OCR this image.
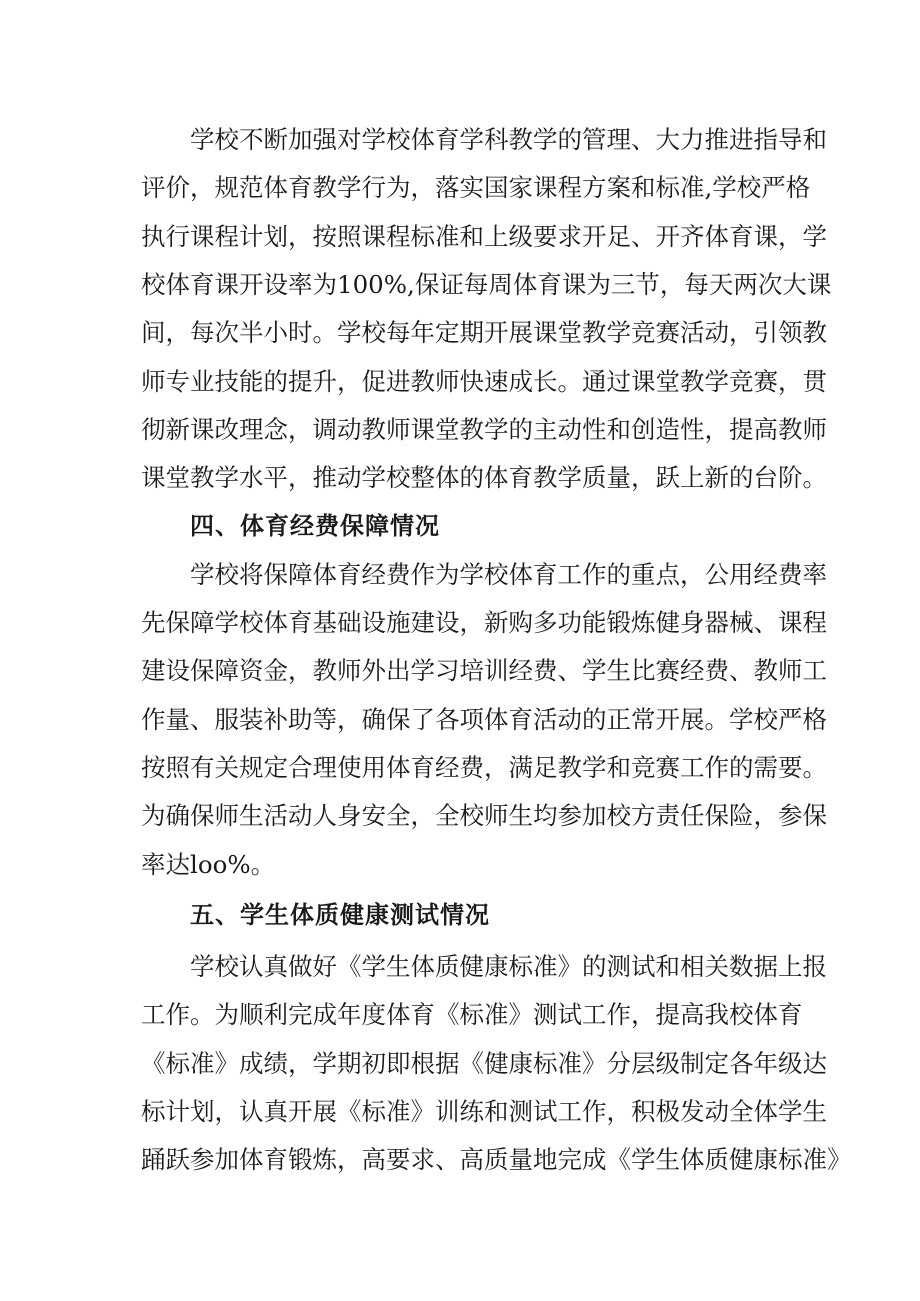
学校不断加强对学校体育学科教学的管理、大力推进指导和
评价，规范体育教学行为，落实国家课程方案和标准,学校严格
执行课程计划，按照课程标准和上级要求开足、开齐体育课，学
校体育课开设率为100%,保证每周体育课为三节，每天两次大课
间，每次半小时。学校每年定期开展课堂教学竞赛活动，引领教
师专业技能的提升，促进教师快速成长。通过课堂教学竞赛，贯
彻新课改理念，调动教师课堂教学的主动性和创造性，提高教师
课堂教学水平，推动学校整体的体育教学质量，跃上新的台阶。
四、体育经费保障情况
学校将保障体育经费作为学校体育工作的重点，公用经费率
先保障学校体育基础设施建设，新购多功能锻炼健身器械、课程
建设保障资金，教师外出学习培训经费、学生比赛经费、教师工
作量、服装补助等，确保了各项体育活动的正常开展。学校严格
按照有关规定合理使用体育经费，满足教学和竞赛工作的需要。
为确保师生活动人身安全，全校师生均参加校方责任保险，参保
率达loo%。
五、学生体质健康测试情况
学校认真做好《学生体质健康标准》的测试和相关数据上报
工作。为顺利完成年度体育《标准》测试工作，提高我校体育
《标准》成绩，学期初即根据《健康标准》分层级制定各年级达
标计划，认真开展《标准》训练和测试工作，积极发动全体学生
踊跃参加体育锻炼，高要求、高质量地完成《学生体质健康标准》
